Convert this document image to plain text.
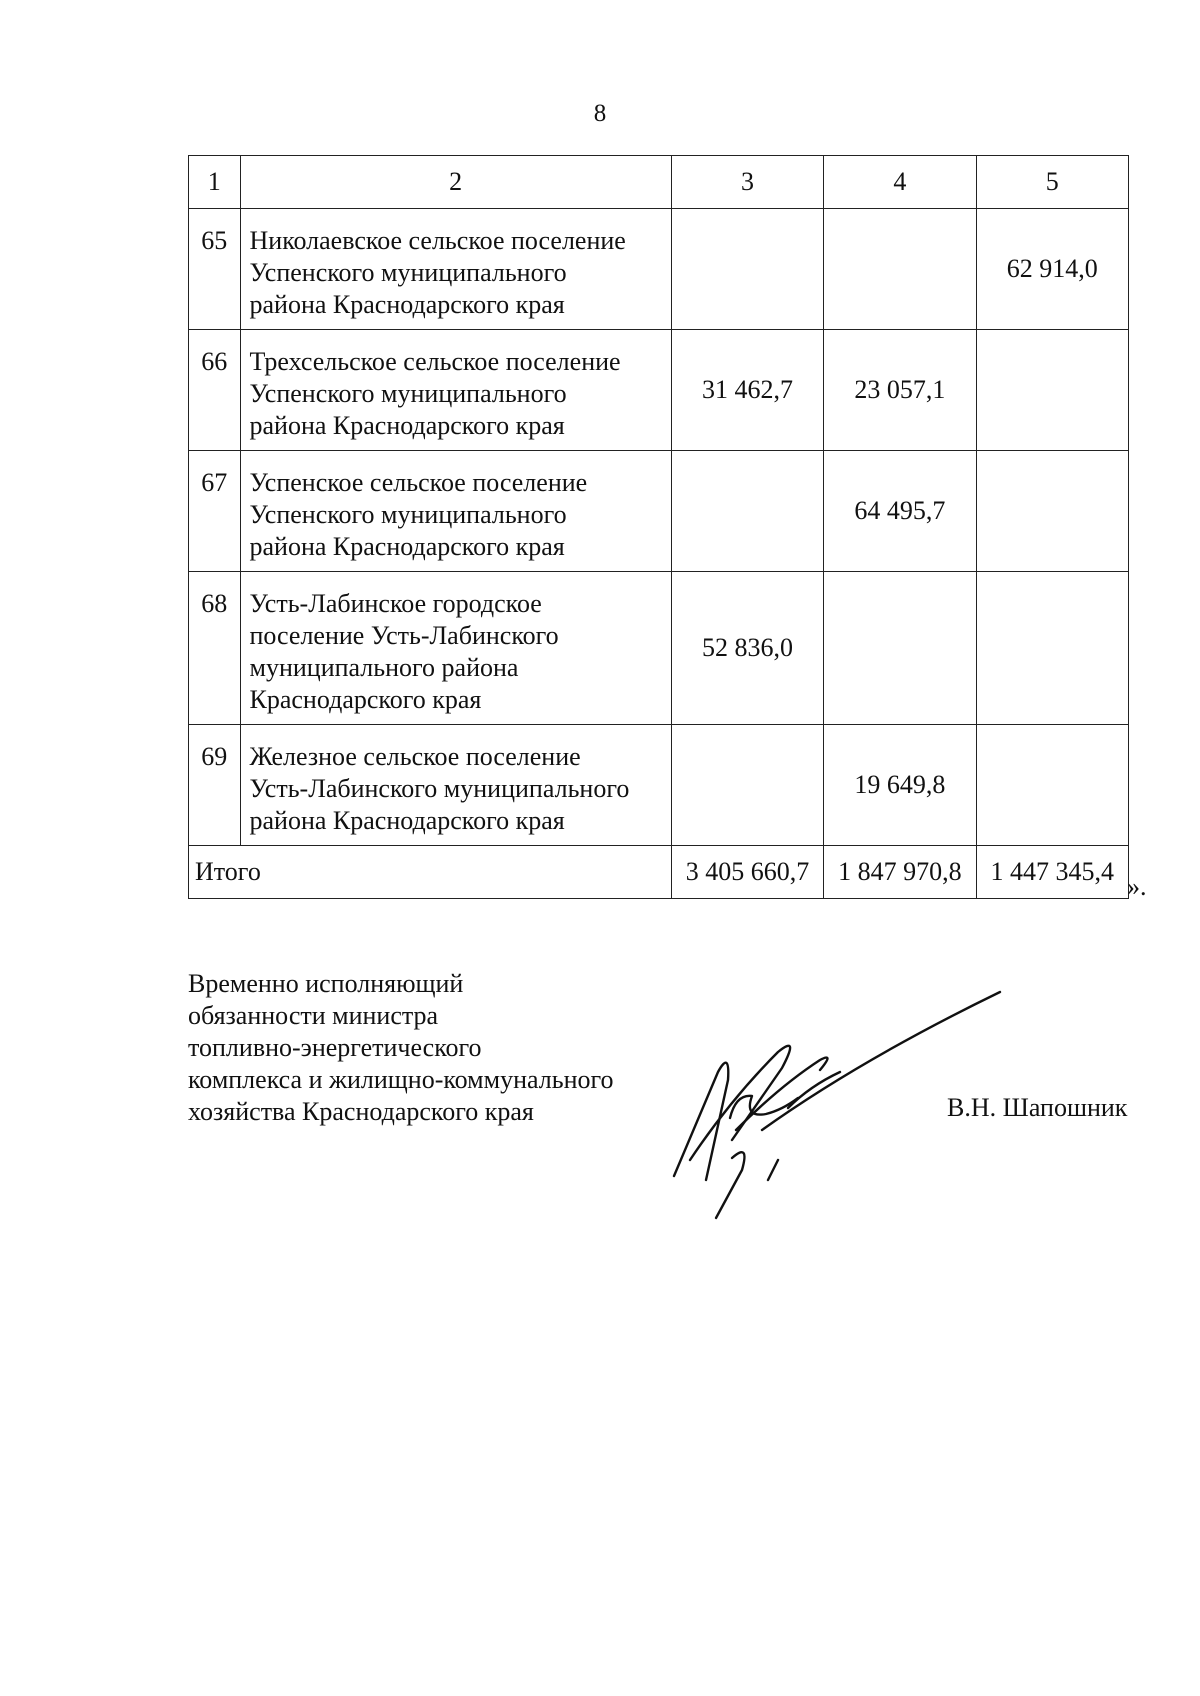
8
1	2	3	4	5
65	Николаевское сельское поселение
Успенского муниципального
района Краснодарского края			62 914,0
66	Трехсельское сельское поселение
Успенского муниципального
района Краснодарского края	31 462,7	23 057,1	
67	Успенское сельское поселение
Успенского муниципального
района Краснодарского края		64 495,7	
68	Усть-Лабинское городское
поселение Усть-Лабинского
муниципального района
Краснодарского края	52 836,0		
69	Железное сельское поселение
Усть-Лабинского муниципального
района Краснодарского края		19 649,8	
Итого		3 405 660,7	1 847 970,8	1 447 345,4
».
Временно исполняющий
обязанности министра
топливно-энергетического
комплекса и жилищно-коммунального
хозяйства Краснодарского края	В.Н. Шапошник
